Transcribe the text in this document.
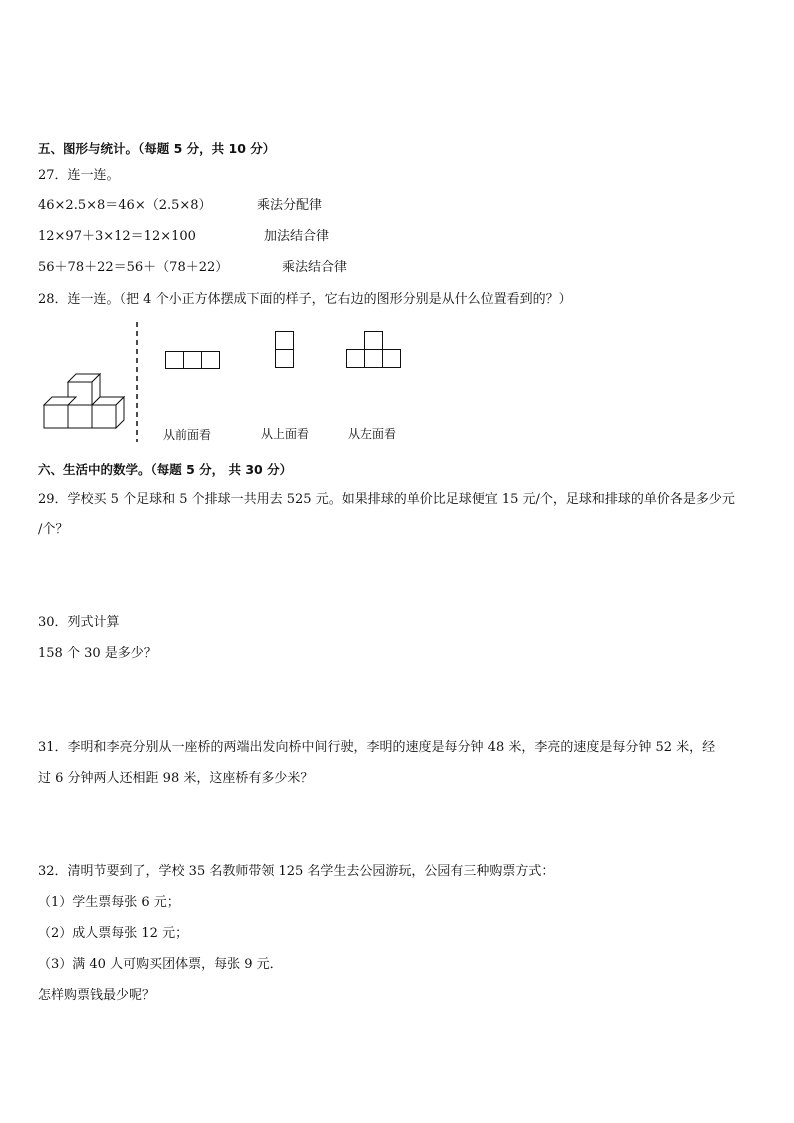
五、图形与统计。（每题 5 分，共 10 分）
27．连一连。
46×2.5×8＝46×（2.5×8）	乘法分配律
12×97＋3×12＝12×100	加法结合律
56＋78＋22＝56＋（78＋22）	乘法结合律
28．连一连。（把 4 个小正方体摆成下面的样子，它右边的图形分别是从什么位置看到的？）
从前面看	从上面看	从左面看
六、生活中的数学。（每题 5 分， 共 30 分）
29．学校买 5 个足球和 5 个排球一共用去 525 元。如果排球的单价比足球便宜 15 元/个，足球和排球的单价各是多少元
/个？
30．列式计算
158 个 30 是多少？
31．李明和李亮分别从一座桥的两端出发向桥中间行驶，李明的速度是每分钟 48 米，李亮的速度是每分钟 52 米，经
过 6 分钟两人还相距 98 米，这座桥有多少米？
32．清明节要到了，学校 35 名教师带领 125 名学生去公园游玩，公园有三种购票方式：
（1）学生票每张 6 元；
（2）成人票每张 12 元；
（3）满 40 人可购买团体票，每张 9 元．
怎样购票钱最少呢？
